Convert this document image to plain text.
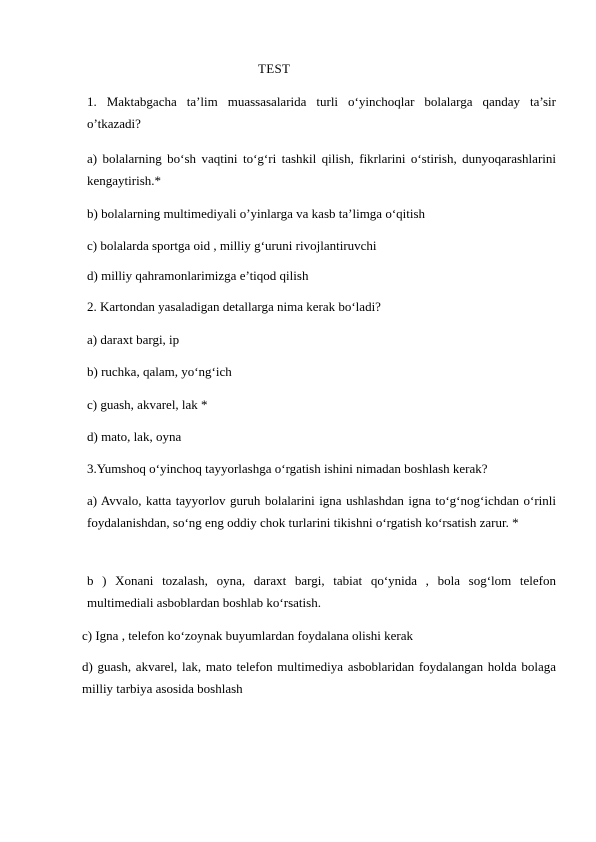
TEST

1. Maktabgacha ta’lim muassasalarida turli o‘yinchoqlar bolalarga qanday ta’sir o’tkazadi?

a) bolalarning bo‘sh vaqtini to‘g‘ri tashkil qilish, fikrlarini o‘stirish, dunyoqarashlarini kengaytirish.*

b) bolalarning multimediyali o’yinlarga va kasb ta’limga o‘qitish

c) bolalarda sportga oid , milliy g‘uruni rivojlantiruvchi

d) milliy qahramonlarimizga e’tiqod qilish

2. Kartondan yasaladigan detallarga nima kerak bo‘ladi?

a) daraxt bargi, ip

b) ruchka, qalam, yo‘ng‘ich

c) guash, akvarel, lak *

d) mato, lak, oyna

3.Yumshoq o‘yinchoq tayyorlashga o‘rgatish ishini nimadan boshlash kerak?

a) Avvalo, katta tayyorlov guruh bolalarini igna ushlashdan igna to‘g‘nog‘ichdan o‘rinli foydalanishdan, so‘ng eng oddiy chok turlarini tikishni o‘rgatish ko‘rsatish zarur. *

b ) Xonani tozalash, oyna, daraxt bargi, tabiat qo‘ynida , bola sog‘lom telefon multimediali asboblardan boshlab ko‘rsatish.

c) Igna , telefon ko‘zoynak buyumlardan foydalana olishi kerak

d) guash, akvarel, lak, mato telefon multimediya asboblaridan foydalangan holda bolaga milliy tarbiya asosida boshlash
